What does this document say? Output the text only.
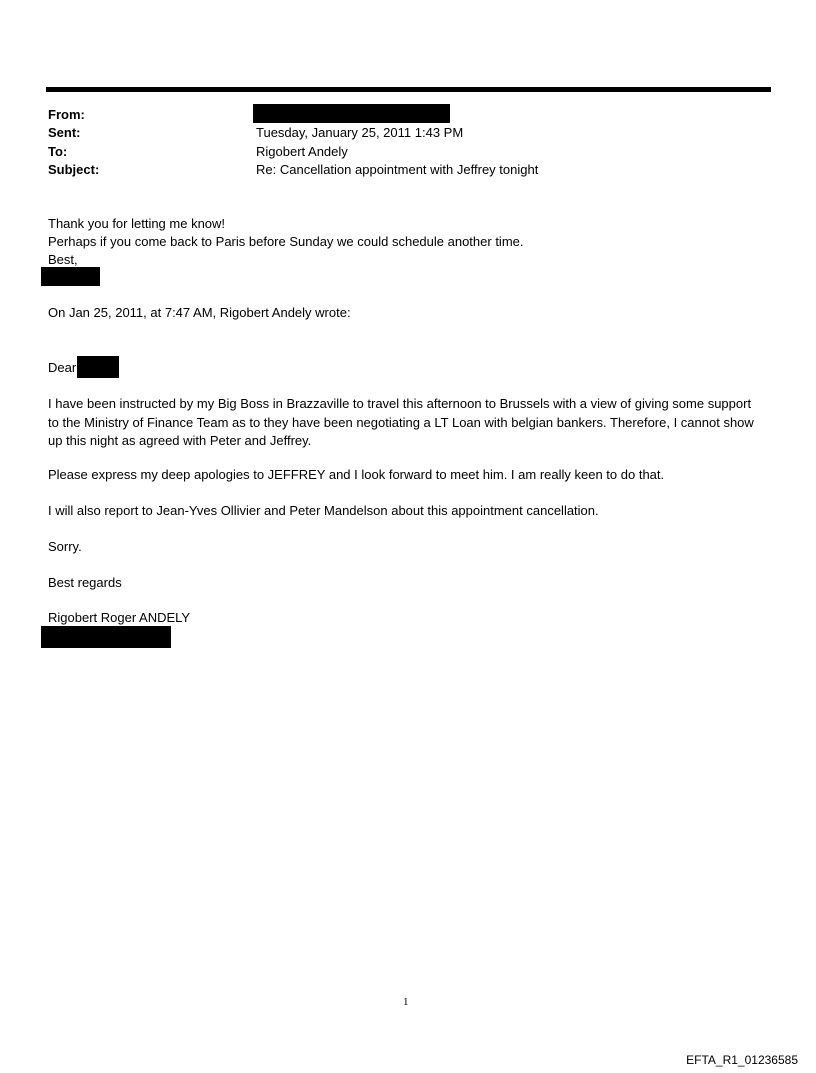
From:
Sent:	Tuesday, January 25, 2011 1:43 PM
To:	Rigobert Andely
Subject:	Re: Cancellation appointment with Jeffrey tonight
Thank you for letting me know!
Perhaps if you come back to Paris before Sunday we could schedule another time.
Best,
On Jan 25, 2011, at 7:47 AM, Rigobert Andely wrote:
Dear
I have been instructed by my Big Boss in Brazzaville to travel this afternoon to Brussels with a view of giving some support to the Ministry of Finance Team as to they have been negotiating a LT Loan with belgian bankers. Therefore, I cannot show up this night as agreed with Peter and Jeffrey.
Please express my deep apologies to JEFFREY and I look forward to meet him. I am really keen to do that.
I will also report to Jean-Yves Ollivier and Peter Mandelson about this appointment cancellation.
Sorry.
Best regards
Rigobert Roger ANDELY
1
EFTA_R1_01236585
